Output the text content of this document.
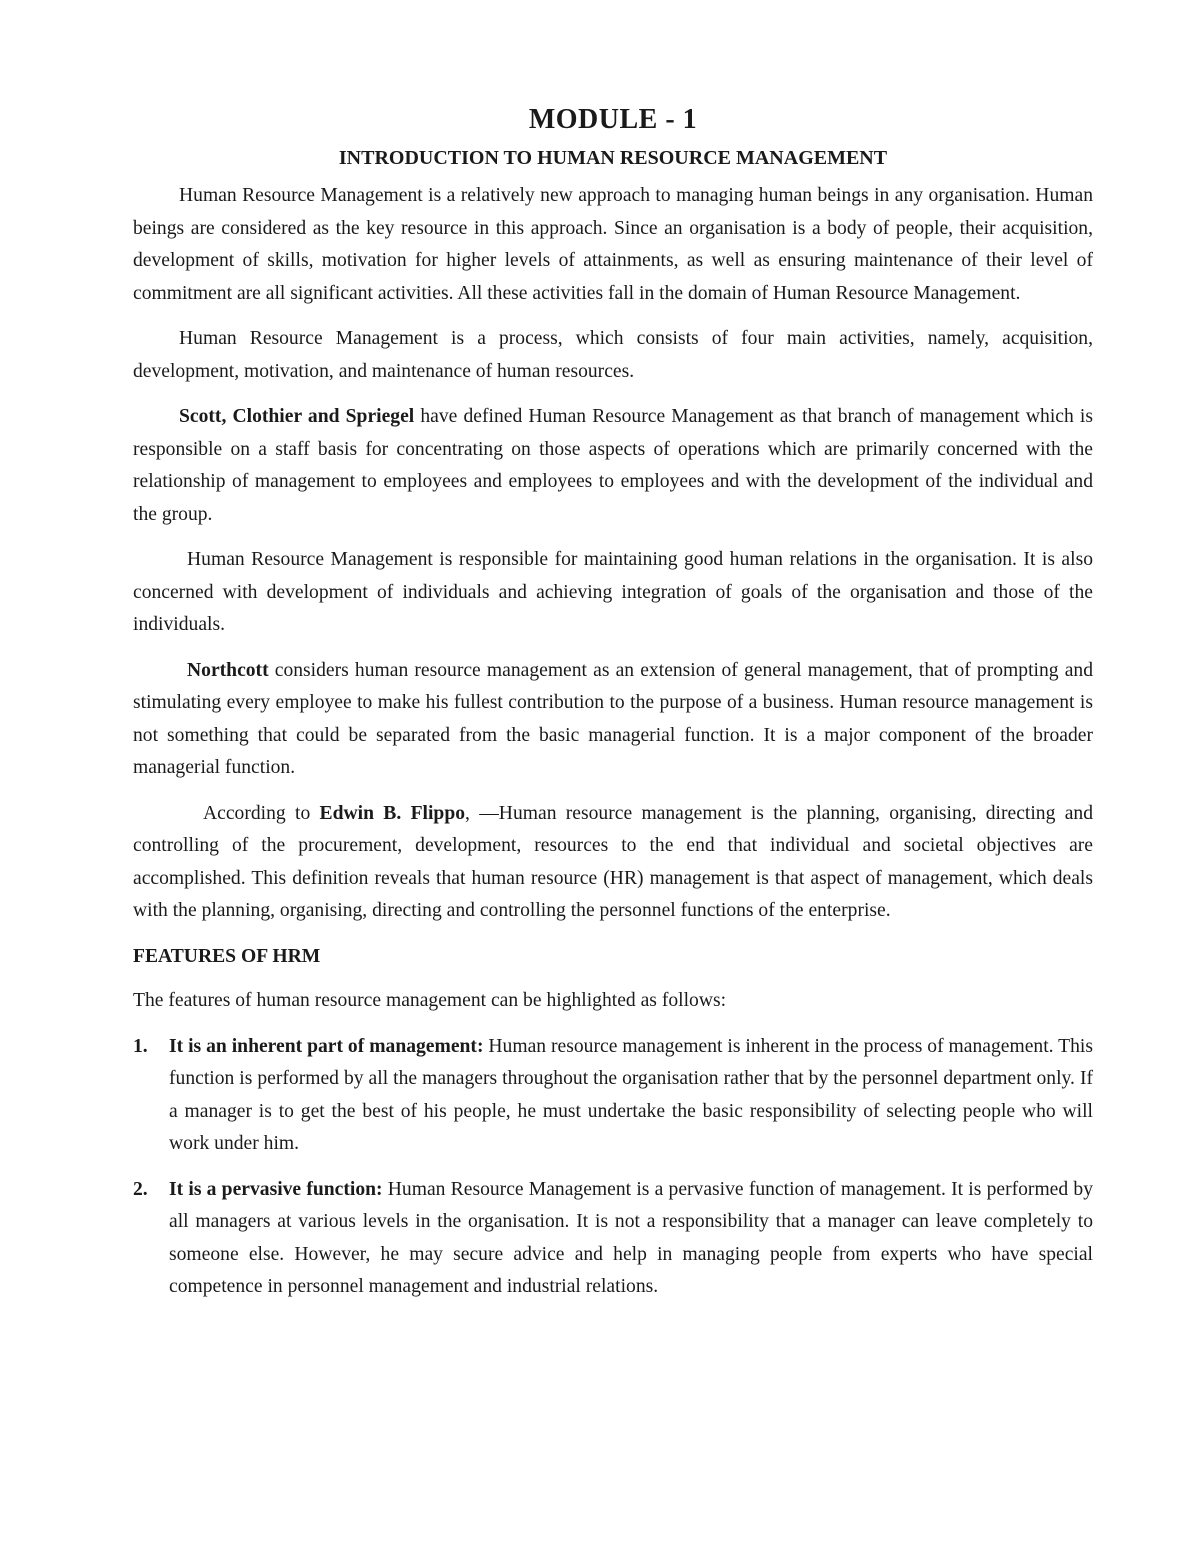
MODULE - 1
INTRODUCTION TO HUMAN RESOURCE MANAGEMENT

Human Resource Management is a relatively new approach to managing human beings in any organisation. Human beings are considered as the key resource in this approach. Since an organisation is a body of people, their acquisition, development of skills, motivation for higher levels of attainments, as well as ensuring maintenance of their level of commitment are all significant activities. All these activities fall in the domain of Human Resource Management.

Human Resource Management is a process, which consists of four main activities, namely, acquisition, development, motivation, and maintenance of human resources.

Scott, Clothier and Spriegel have defined Human Resource Management as that branch of management which is responsible on a staff basis for concentrating on those aspects of operations which are primarily concerned with the relationship of management to employees and employees to employees and with the development of the individual and the group.

Human Resource Management is responsible for maintaining good human relations in the organisation. It is also concerned with development of individuals and achieving integration of goals of the organisation and those of the individuals.

Northcott considers human resource management as an extension of general management, that of prompting and stimulating every employee to make his fullest contribution to the purpose of a business. Human resource management is not something that could be separated from the basic managerial function. It is a major component of the broader managerial function.

According to Edwin B. Flippo, —Human resource management is the planning, organising, directing and controlling of the procurement, development, resources to the end that individual and societal objectives are accomplished. This definition reveals that human resource (HR) management is that aspect of management, which deals with the planning, organising, directing and controlling the personnel functions of the enterprise.

FEATURES OF HRM

The features of human resource management can be highlighted as follows:

1. It is an inherent part of management: Human resource management is inherent in the process of management. This function is performed by all the managers throughout the organisation rather that by the personnel department only. If a manager is to get the best of his people, he must undertake the basic responsibility of selecting people who will work under him.

2. It is a pervasive function: Human Resource Management is a pervasive function of management. It is performed by all managers at various levels in the organisation. It is not a responsibility that a manager can leave completely to someone else. However, he may secure advice and help in managing people from experts who have special competence in personnel management and industrial relations.
